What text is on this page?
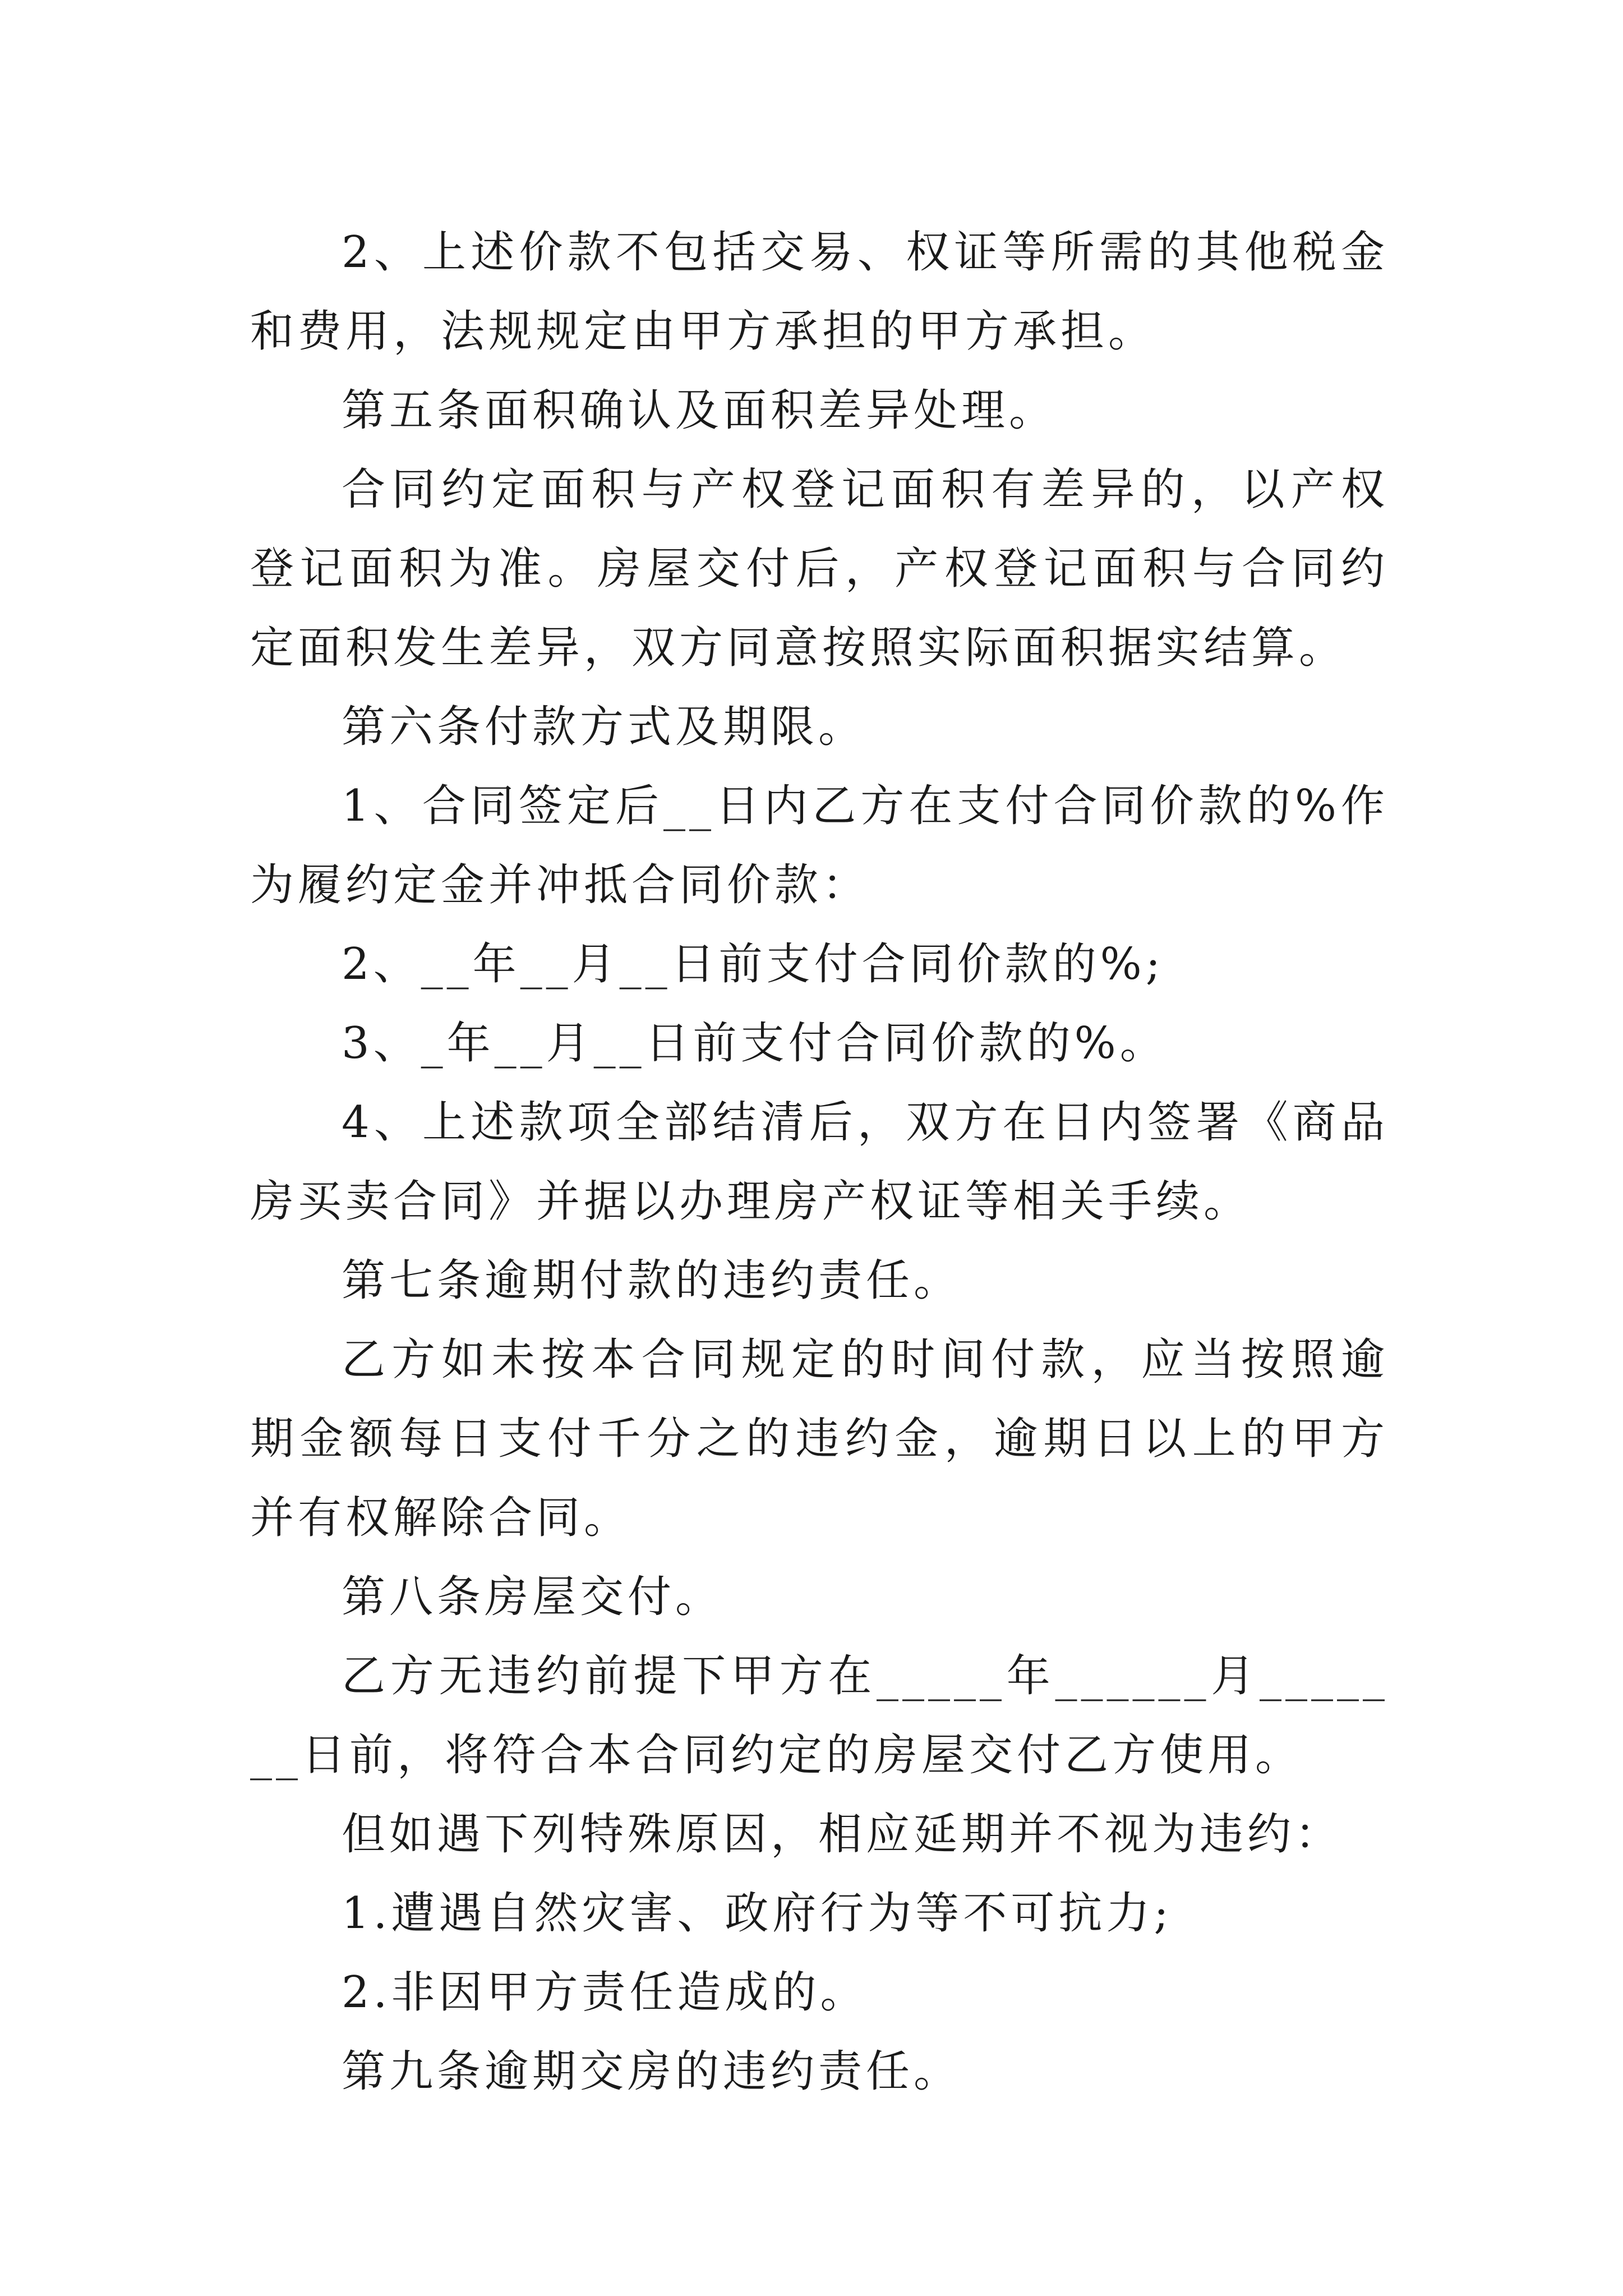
2、上述价款不包括交易、权证等所需的其他税金和费用，法规规定由甲方承担的甲方承担。

第五条面积确认及面积差异处理。

合同约定面积与产权登记面积有差异的，以产权登记面积为准。房屋交付后，产权登记面积与合同约定面积发生差异，双方同意按照实际面积据实结算。

第六条付款方式及期限。

1、合同签定后__日内乙方在支付合同价款的%作为履约定金并冲抵合同价款：

2、__年__月__日前支付合同价款的%;

3、_年__月__日前支付合同价款的%。

4、上述款项全部结清后，双方在日内签署《商品房买卖合同》并据以办理房产权证等相关手续。

第七条逾期付款的违约责任。

乙方如未按本合同规定的时间付款，应当按照逾期金额每日支付千分之的违约金，逾期日以上的甲方并有权解除合同。

第八条房屋交付。

乙方无违约前提下甲方在_____年______月_______日前，将符合本合同约定的房屋交付乙方使用。

但如遇下列特殊原因，相应延期并不视为违约：

1.遭遇自然灾害、政府行为等不可抗力;

2.非因甲方责任造成的。

第九条逾期交房的违约责任。
